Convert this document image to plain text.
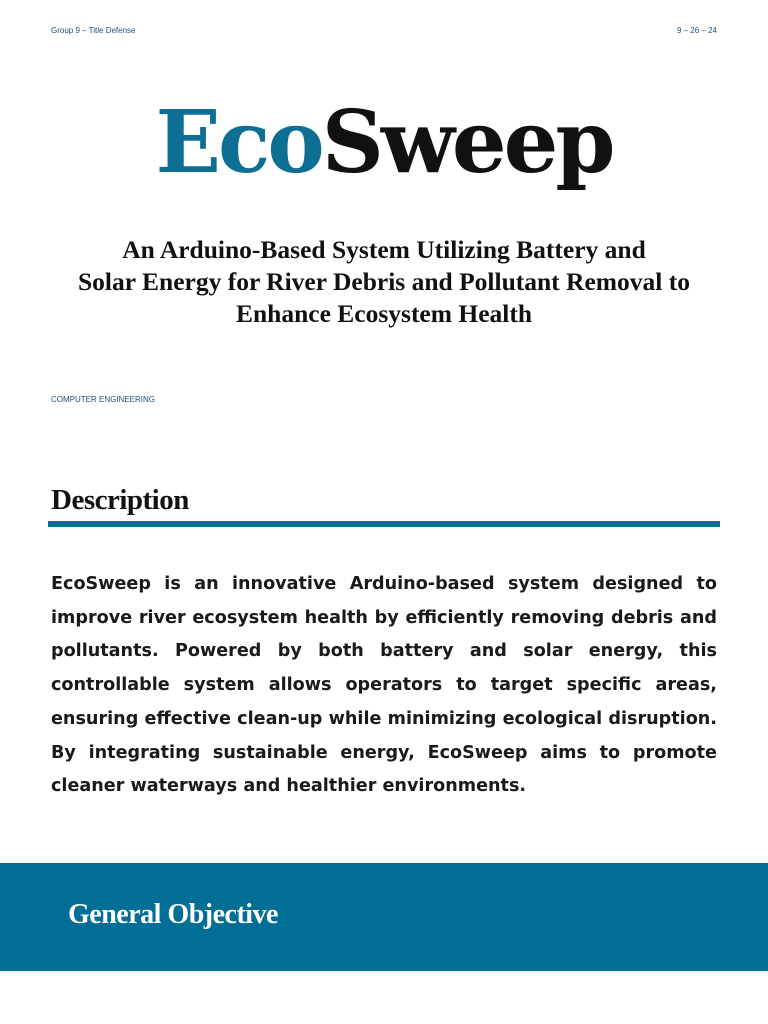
Group 9 – Title Defense	9 – 26 – 24
EcoSweep
An Arduino-Based System Utilizing Battery and
Solar Energy for River Debris and Pollutant Removal to
Enhance Ecosystem Health
COMPUTER ENGINEERING
Description
EcoSweep is an innovative Arduino-based system designed to improve river ecosystem health by efficiently removing debris and pollutants. Powered by both battery and solar energy, this controllable system allows operators to target specific areas, ensuring effective clean-up while minimizing ecological disruption. By integrating sustainable energy, EcoSweep aims to promote cleaner waterways and healthier environments.
General Objective
